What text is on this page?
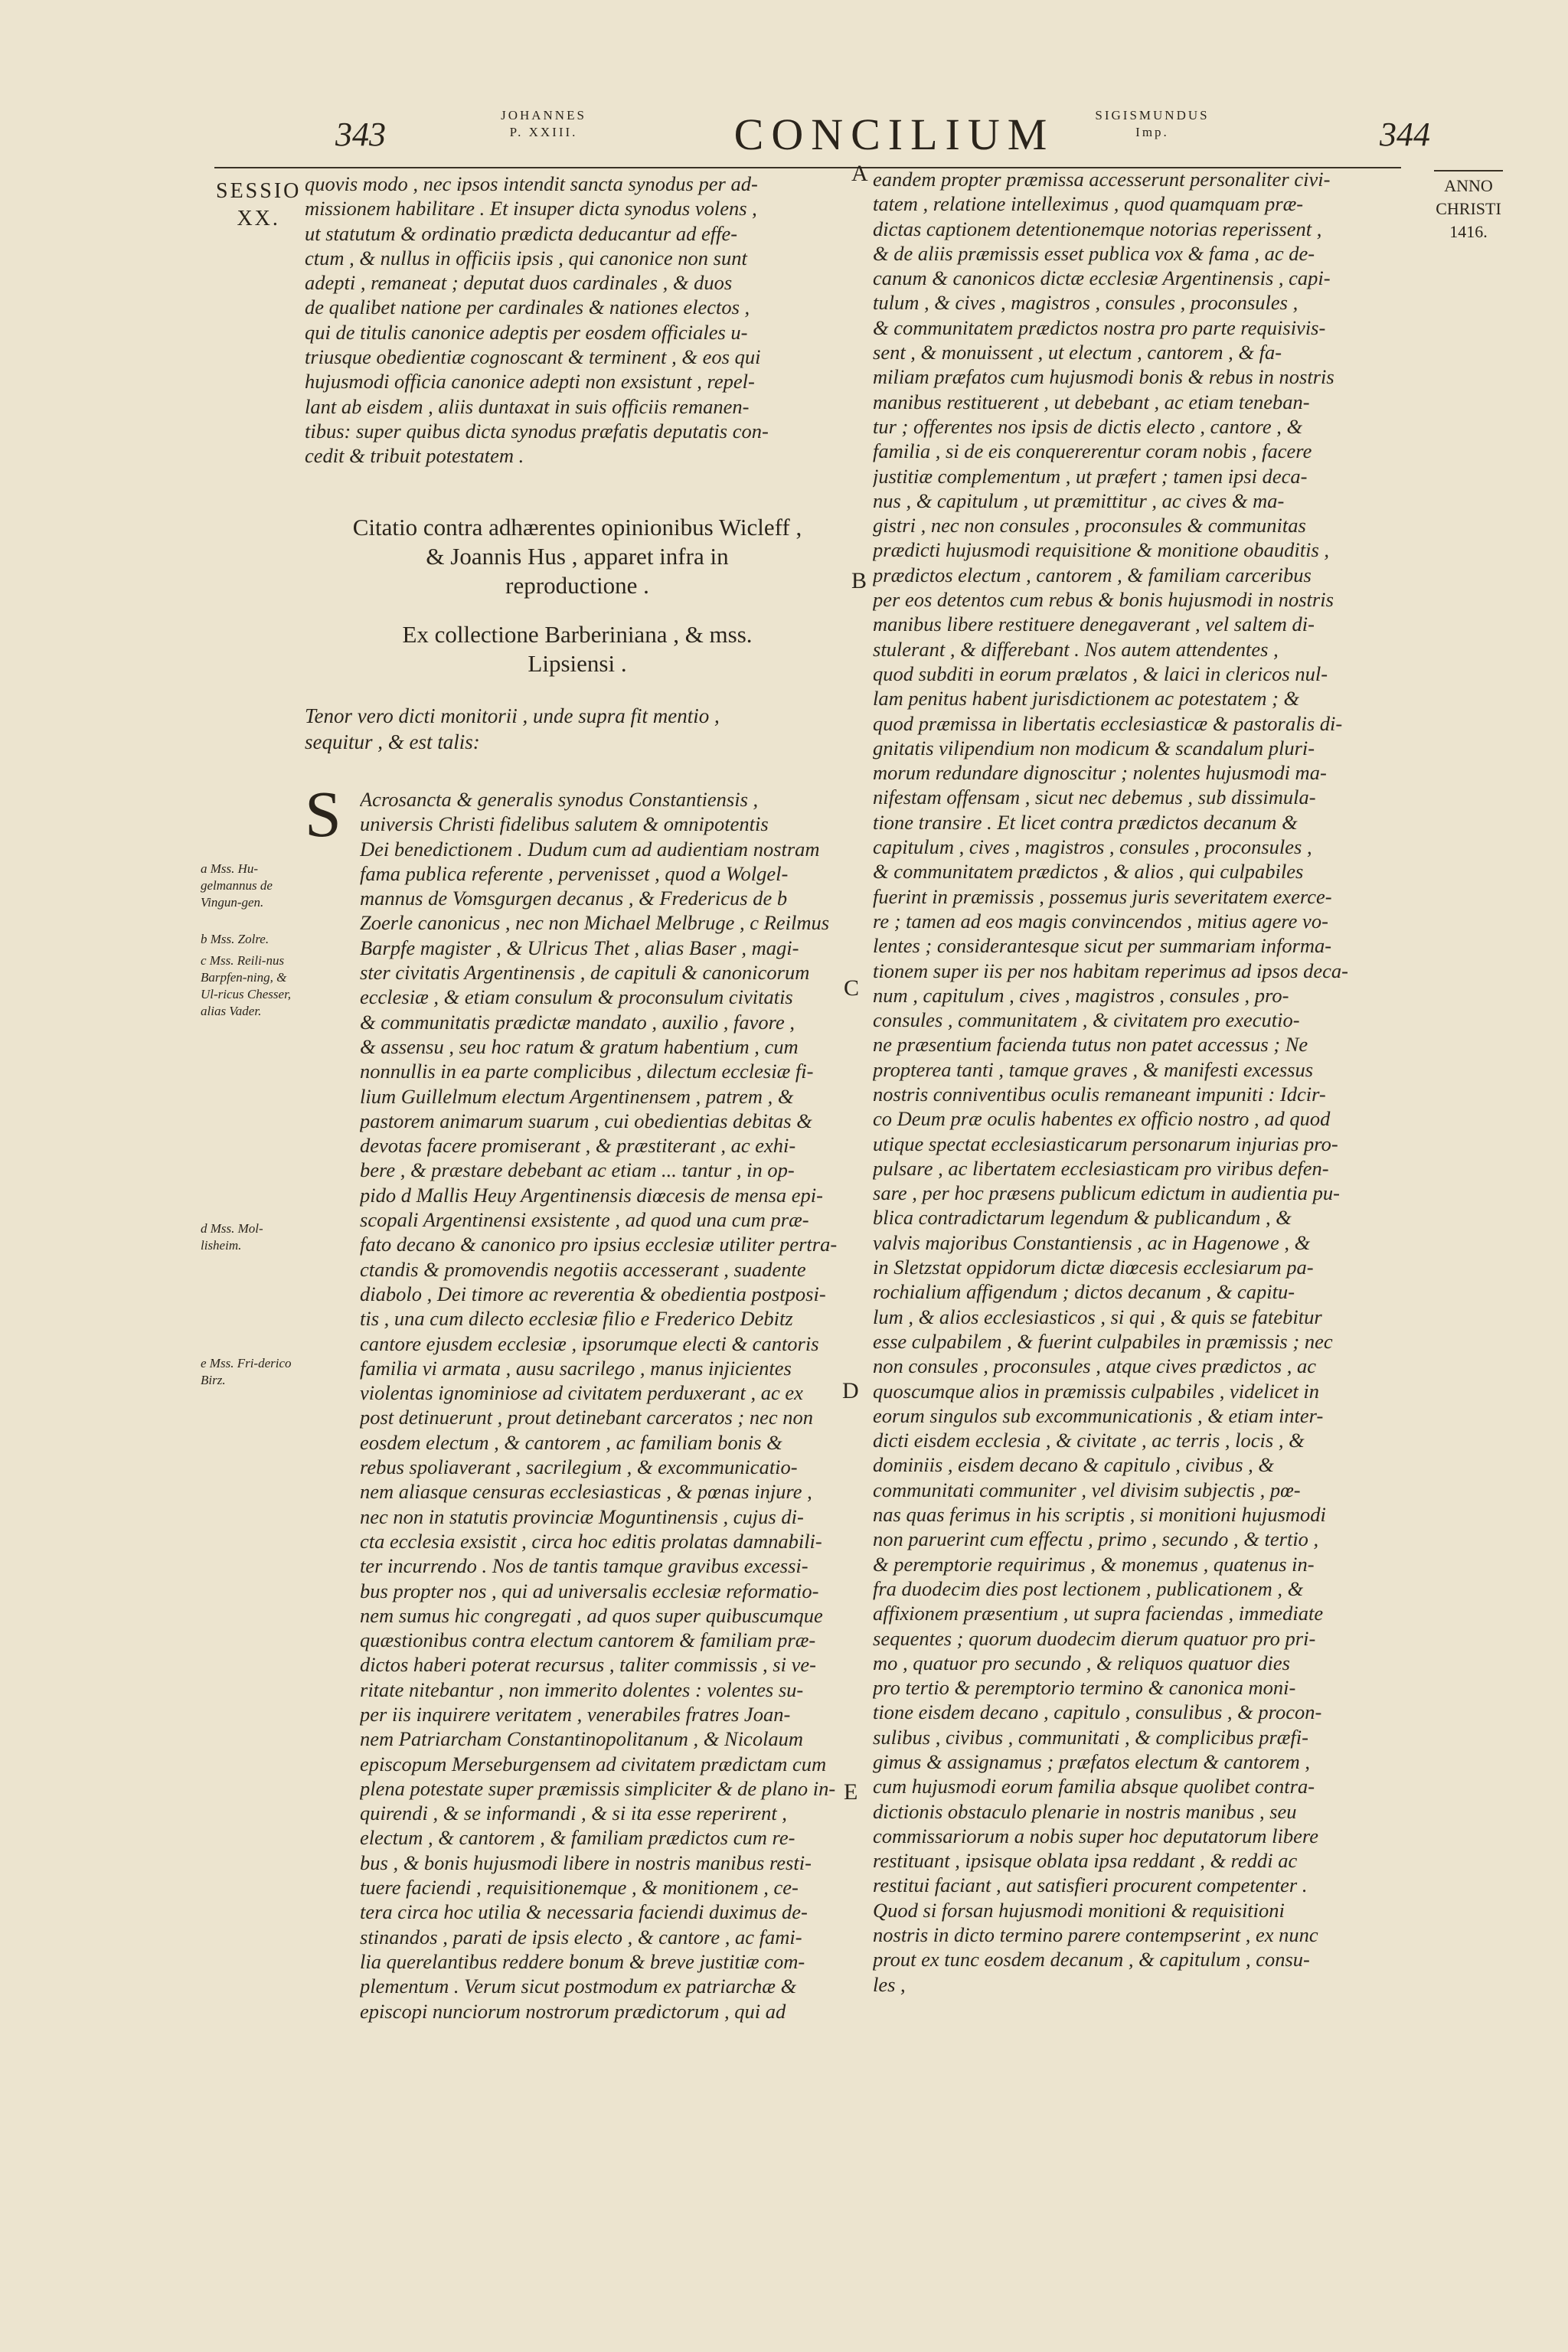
343
JOHANNES
P. XXIII.	CONCILIUM	SIGISMUNDUS
Imp.	344
SESSIO
XX.
ANNO
CHRISTI
1416.
A
B
C
D
E
quovis modo , nec ipsos intendit sancta synodus per ad-
missionem habilitare . Et insuper dicta synodus volens ,
ut statutum & ordinatio prædicta deducantur ad effe-
ctum , & nullus in officiis ipsis , qui canonice non sunt
adepti , remaneat ; deputat duos cardinales , & duos
de qualibet natione per cardinales & nationes electos ,
qui de titulis canonice adeptis per eosdem officiales u-
triusque obedientiæ cognoscant & terminent , & eos qui
hujusmodi officia canonice adepti non exsistunt , repel-
lant ab eisdem , aliis duntaxat in suis officiis remanen-
tibus: super quibus dicta synodus præfatis deputatis con-
cedit & tribuit potestatem .
Citatio contra adhærentes opinionibus Wicleff ,
& Joannis Hus , apparet infra in
reproductione .
Ex collectione Barberiniana , & mss.
Lipsiensi .
Tenor vero dicti monitorii , unde supra fit mentio ,
sequitur , & est talis:
S Acrosancta & generalis synodus Constantiensis ,
universis Christi fidelibus salutem & omnipotentis
Dei benedictionem . Dudum cum ad audientiam nostram
fama publica referente , pervenisset , quod a Wolgel-
mannus de Vomsgurgen decanus , & Fredericus de b
Zoerle canonicus , nec non Michael Melbruge , c Reilmus
Barpfe magister , & Ulricus Thet , alias Baser , magi-
ster civitatis Argentinensis , de capituli & canonicorum
ecclesiæ , & etiam consulum & proconsulum civitatis
& communitatis prædictæ mandato , auxilio , favore ,
& assensu , seu hoc ratum & gratum habentium , cum
nonnullis in ea parte complicibus , dilectum ecclesiæ fi-
lium Guillelmum electum Argentinensem , patrem , &
pastorem animarum suarum , cui obedientias debitas &
devotas facere promiserant , & præstiterant , ac exhi-
bere , & præstare debebant ac etiam ... tantur , in op-
pido d Mallis Heuy Argentinensis diœcesis de mensa epi-
scopali Argentinensi exsistente , ad quod una cum præ-
fato decano & canonico pro ipsius ecclesiæ utiliter pertra-
ctandis & promovendis negotiis accesserant , suadente
diabolo , Dei timore ac reverentia & obedientia postposi-
tis , una cum dilecto ecclesiæ filio e Frederico Debitz
cantore ejusdem ecclesiæ , ipsorumque electi & cantoris
familia vi armata , ausu sacrilego , manus injicientes
violentas ignominiose ad civitatem perduxerant , ac ex
post detinuerunt , prout detinebant carceratos ; nec non
eosdem electum , & cantorem , ac familiam bonis &
rebus spoliaverant , sacrilegium , & excommunicatio-
nem aliasque censuras ecclesiasticas , & pœnas injure ,
nec non in statutis provinciæ Moguntinensis , cujus di-
cta ecclesia exsistit , circa hoc editis prolatas damnabili-
ter incurrendo . Nos de tantis tamque gravibus excessi-
bus propter nos , qui ad universalis ecclesiæ reformatio-
nem sumus hic congregati , ad quos super quibuscumque
quæstionibus contra electum cantorem & familiam præ-
dictos haberi poterat recursus , taliter commissis , si ve-
ritate nitebantur , non immerito dolentes : volentes su-
per iis inquirere veritatem , venerabiles fratres Joan-
nem Patriarcham Constantinopolitanum , & Nicolaum
episcopum Merseburgensem ad civitatem prædictam cum
plena potestate super præmissis simpliciter & de plano in-
quirendi , & se informandi , & si ita esse reperirent ,
electum , & cantorem , & familiam prædictos cum re-
bus , & bonis hujusmodi libere in nostris manibus resti-
tuere faciendi , requisitionemque , & monitionem , ce-
tera circa hoc utilia & necessaria faciendi duximus de-
stinandos , parati de ipsis electo , & cantore , ac fami-
lia querelantibus reddere bonum & breve justitiæ com-
plementum . Verum sicut postmodum ex patriarchæ &
episcopi nunciorum nostrorum prædictorum , qui ad
a Mss. Hu-gelmannus de Vingun-gen.
b Mss. Zolre.
c Mss. Reili-nus Barpfen-ning, & Ul-ricus Chesser, alias Vader.
d Mss. Mol-lisheim.
e Mss. Fri-derico Birz.
eandem propter præmissa accesserunt personaliter civi-
tatem , relatione intelleximus , quod quamquam præ-
dictas captionem detentionemque notorias reperissent ,
& de aliis præmissis esset publica vox & fama , ac de-
canum & canonicos dictæ ecclesiæ Argentinensis , capi-
tulum , & cives , magistros , consules , proconsules ,
& communitatem prædictos nostra pro parte requisivis-
sent , & monuissent , ut electum , cantorem , & fa-
miliam præfatos cum hujusmodi bonis & rebus in nostris
manibus restituerent , ut debebant , ac etiam teneban-
tur ; offerentes nos ipsis de dictis electo , cantore , &
familia , si de eis conquererentur coram nobis , facere
justitiæ complementum , ut præfert ; tamen ipsi deca-
nus , & capitulum , ut præmittitur , ac cives & ma-
gistri , nec non consules , proconsules & communitas
prædicti hujusmodi requisitione & monitione obauditis ,
prædictos electum , cantorem , & familiam carceribus
per eos detentos cum rebus & bonis hujusmodi in nostris
manibus libere restituere denegaverant , vel saltem di-
stulerant , & differebant . Nos autem attendentes ,
quod subditi in eorum prælatos , & laici in clericos nul-
lam penitus habent jurisdictionem ac potestatem ; &
quod præmissa in libertatis ecclesiasticæ & pastoralis di-
gnitatis vilipendium non modicum & scandalum pluri-
morum redundare dignoscitur ; nolentes hujusmodi ma-
nifestam offensam , sicut nec debemus , sub dissimula-
tione transire . Et licet contra prædictos decanum &
capitulum , cives , magistros , consules , proconsules ,
& communitatem prædictos , & alios , qui culpabiles
fuerint in præmissis , possemus juris severitatem exerce-
re ; tamen ad eos magis convincendos , mitius agere vo-
lentes ; considerantesque sicut per summariam informa-
tionem super iis per nos habitam reperimus ad ipsos deca-
num , capitulum , cives , magistros , consules , pro-
consules , communitatem , & civitatem pro executio-
ne præsentium facienda tutus non patet accessus ; Ne
propterea tanti , tamque graves , & manifesti excessus
nostris conniventibus oculis remaneant impuniti : Idcir-
co Deum præ oculis habentes ex officio nostro , ad quod
utique spectat ecclesiasticarum personarum injurias pro-
pulsare , ac libertatem ecclesiasticam pro viribus defen-
sare , per hoc præsens publicum edictum in audientia pu-
blica contradictarum legendum & publicandum , &
valvis majoribus Constantiensis , ac in Hagenowe , &
in Sletzstat oppidorum dictæ diœcesis ecclesiarum pa-
rochialium affigendum ; dictos decanum , & capitu-
lum , & alios ecclesiasticos , si qui , & quis se fatebitur
esse culpabilem , & fuerint culpabiles in præmissis ; nec
non consules , proconsules , atque cives prædictos , ac
quoscumque alios in præmissis culpabiles , videlicet in
eorum singulos sub excommunicationis , & etiam inter-
dicti eisdem ecclesia , & civitate , ac terris , locis , &
dominiis , eisdem decano & capitulo , civibus , &
communitati communiter , vel divisim subjectis , pœ-
nas quas ferimus in his scriptis , si monitioni hujusmodi
non paruerint cum effectu , primo , secundo , & tertio ,
& peremptorie requirimus , & monemus , quatenus in-
fra duodecim dies post lectionem , publicationem , &
affixionem præsentium , ut supra faciendas , immediate
sequentes ; quorum duodecim dierum quatuor pro pri-
mo , quatuor pro secundo , & reliquos quatuor dies
pro tertio & peremptorio termino & canonica moni-
tione eisdem decano , capitulo , consulibus , & procon-
sulibus , civibus , communitati , & complicibus præfi-
gimus & assignamus ; præfatos electum & cantorem ,
cum hujusmodi eorum familia absque quolibet contra-
dictionis obstaculo plenarie in nostris manibus , seu
commissariorum a nobis super hoc deputatorum libere
restituant , ipsisque oblata ipsa reddant , & reddi ac
restitui faciant , aut satisfieri procurent competenter .
Quod si forsan hujusmodi monitioni & requisitioni
nostris in dicto termino parere contempserint , ex nunc
prout ex tunc eosdem decanum , & capitulum , consu-
les ,
